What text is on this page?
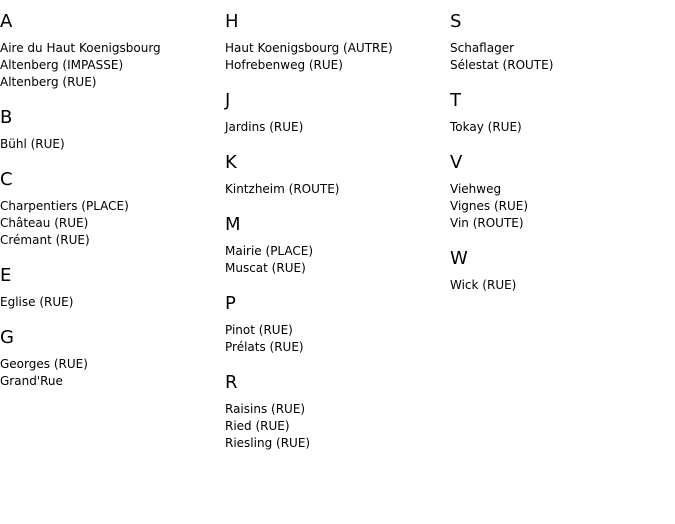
A
Aire du Haut Koenigsbourg
Altenberg (IMPASSE)
Altenberg (RUE)
B
Bühl (RUE)
C
Charpentiers (PLACE)
Château (RUE)
Crémant (RUE)
E
Eglise (RUE)
G
Georges (RUE)
Grand'Rue
H
Haut Koenigsbourg (AUTRE)
Hofrebenweg (RUE)
J
Jardins (RUE)
K
Kintzheim (ROUTE)
M
Mairie (PLACE)
Muscat (RUE)
P
Pinot (RUE)
Prélats (RUE)
R
Raisins (RUE)
Ried (RUE)
Riesling (RUE)
S
Schaflager
Sélestat (ROUTE)
T
Tokay (RUE)
V
Viehweg
Vignes (RUE)
Vin (ROUTE)
W
Wick (RUE)
